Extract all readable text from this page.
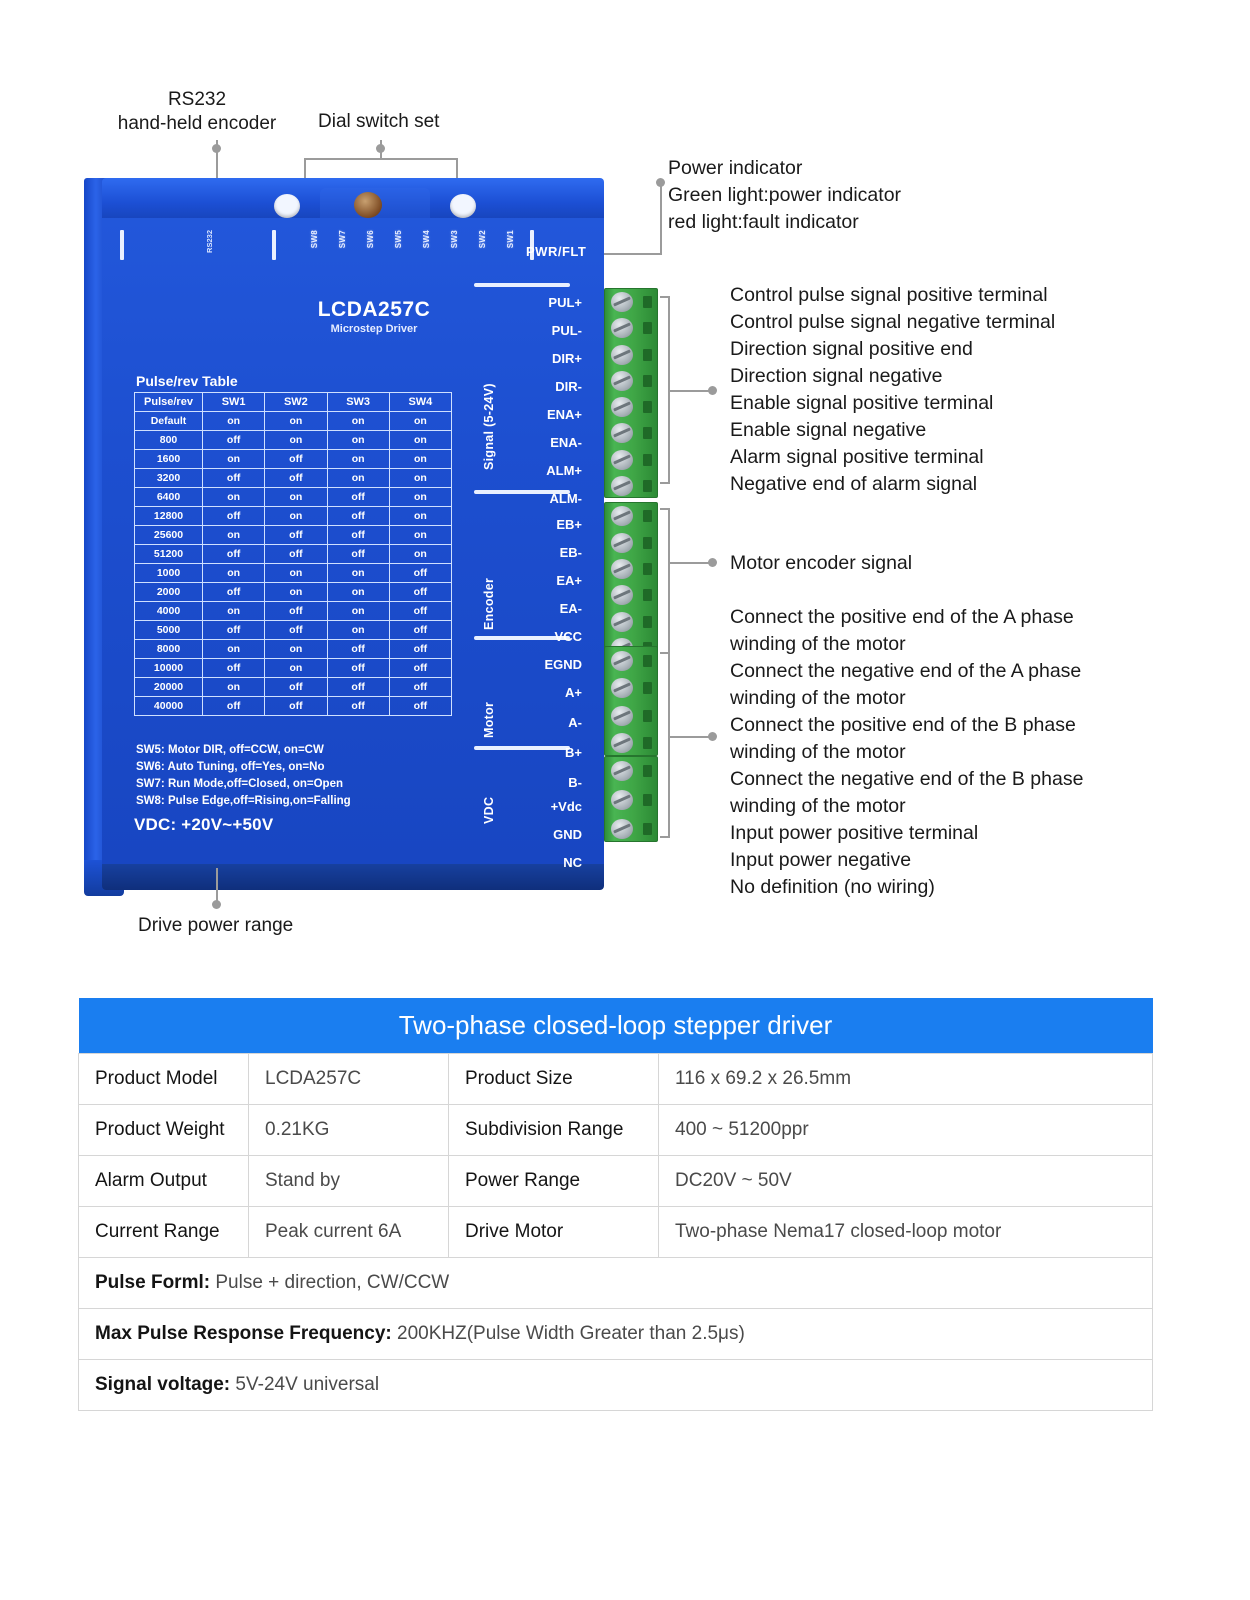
RS232
hand-held encoder	Dial switch set
RS232	SW8 SW7 SW6 SW5 SW4 SW3 SW2 SW1
PWR/FLT
LCDA257C
Microstep Driver
Pulse/rev Table
Pulse/rev	SW1	SW2	SW3	SW4
Default	on	on	on	on
800	off	on	on	on
1600	on	off	on	on
3200	off	off	on	on
6400	on	on	off	on
12800	off	on	off	on
25600	on	off	off	on
51200	off	off	off	on
1000	on	on	on	off
2000	off	on	on	off
4000	on	off	on	off
5000	off	off	on	off
8000	on	on	off	off
10000	off	on	off	off
20000	on	off	off	off
40000	off	off	off	off
SW5: Motor DIR, off=CCW, on=CW
SW6: Auto Tuning, off=Yes, on=No
SW7: Run Mode,off=Closed, on=Open
SW8: Pulse Edge,off=Rising,on=Falling
VDC: +20V~+50V
Signal (5-24V)
Encoder
Motor
VDC
PUL+
PUL-
DIR+
DIR-
ENA+
ENA-
ALM+
ALM-
EB+
EB-
EA+
EA-
VCC
EGND
A+
A-
B+
B-
+Vdc
GND
NC
Power indicator
Green light:power indicator
red light:fault indicator
Control pulse signal positive terminal
Control pulse signal negative terminal
Direction signal positive end
Direction signal negative
Enable signal positive terminal
Enable signal negative
Alarm signal positive terminal
Negative end of alarm signal
Motor encoder signal
Connect the positive end of the A phase
winding of the motor
Connect the negative end of the A phase
winding of the motor
Connect the positive end of the B phase
winding of the motor
Connect the negative end of the B phase
winding of the motor
Input power positive terminal
Input power negative
No definition (no wiring)
Drive power range
Two-phase closed-loop stepper driver			
Product Model	LCDA257C	Product Size	116 x 69.2 x 26.5mm
Product Weight	0.21KG	Subdivision Range	400 ~ 51200ppr
Alarm Output	Stand by	Power Range	DC20V ~ 50V
Current Range	Peak current 6A	Drive Motor	Two-phase Nema17 closed-loop motor
Pulse Forml: Pulse + direction, CW/CCW			
Max Pulse Response Frequency: 200KHZ(Pulse Width Greater than 2.5μs)			
Signal voltage: 5V-24V universal			
